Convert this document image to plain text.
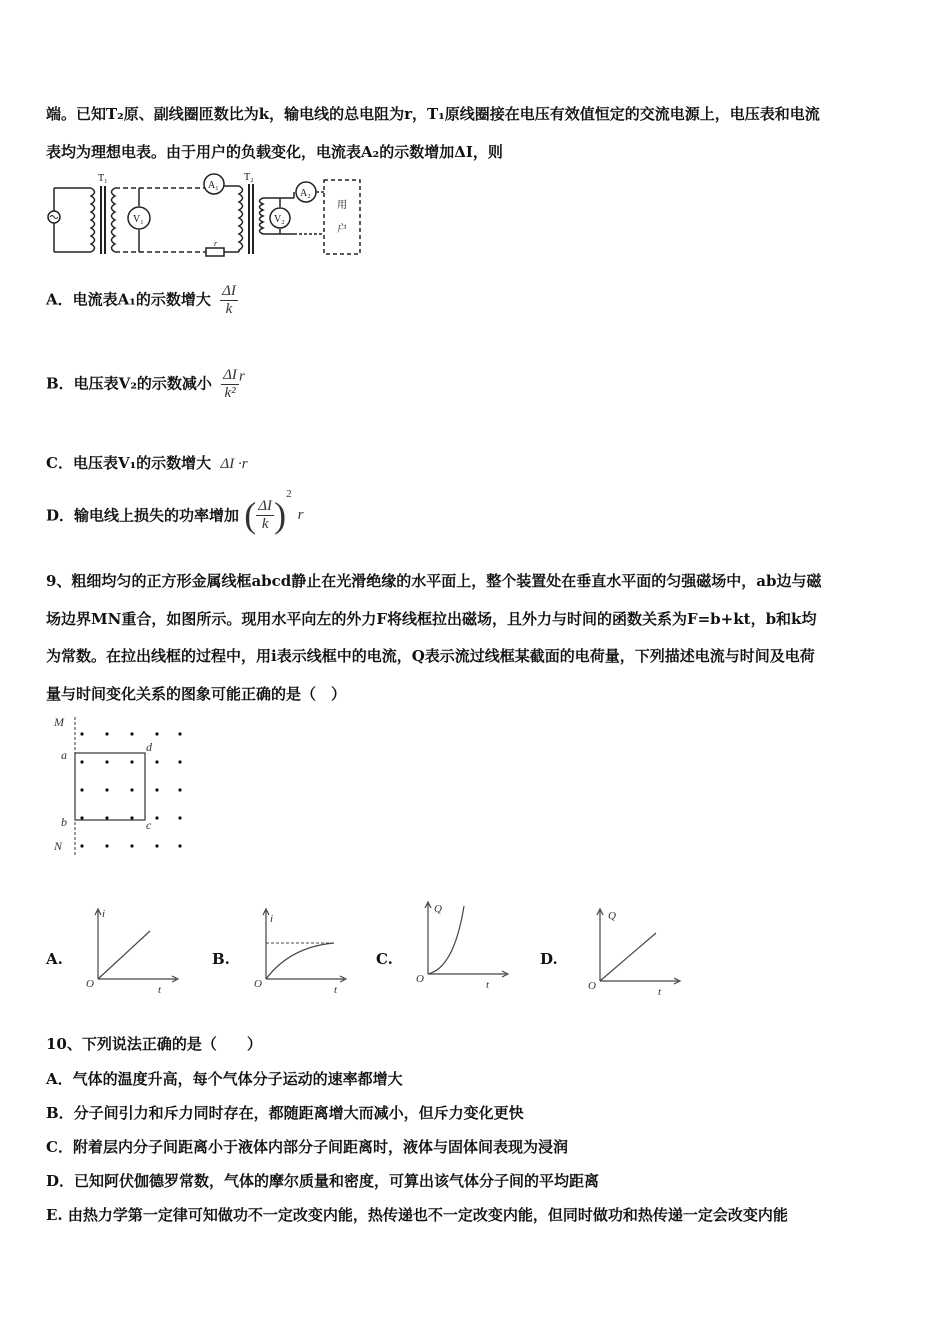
端。已知T₂原、副线圈匝数比为k，输电线的总电阻为r，T₁原线圈接在电压有效值恒定的交流电源上，电压表和电流
表均为理想电表。由于用户的负载变化，电流表A₂的示数增加ΔI，则
T₁	T₂
A₁
A₂
V₁	V₂
r
用
户
A．电流表A₁的示数增大 $\frac{\Delta I}{k}$
B．电压表V₂的示数减小 $\frac{\Delta I}{\text{k²}}$ r
C．电压表V₁的示数增大 ΔI ·r
D．输电线上损失的功率增加 ( $\frac{\Delta I}{k} )^2r$
9、粗细均匀的正方形金属线框abcd静止在光滑绝缘的水平面上，整个装置处在垂直水平面的匀强磁场中，ab边与磁
场边界MN重合，如图所示。现用水平向左的外力F将线框拉出磁场，且外力与时间的函数关系为F=b+kt，b和k均
为常数。在拉出线框的过程中，用i表示线框中的电流，Q表示流过线框某截面的电荷量，下列描述电流与时间及电荷
量与时间变化关系的图象可能正确的是（　）
M
a
b	c
d
N
A.
i
t
O
B.
i
t
O
C.
Q
t
O
D.
Q
t
O
10、下列说法正确的是（　　）
A．气体的温度升高，每个气体分子运动的速率都增大
B．分子间引力和斥力同时存在，都随距离增大而减小，但斥力变化更快
C．附着层内分子间距离小于液体内部分子间距离时，液体与固体间表现为浸润
D．已知阿伏伽德罗常数，气体的摩尔质量和密度，可算出该气体分子间的平均距离
E. 由热力学第一定律可知做功不一定改变内能，热传递也不一定改变内能，但同时做功和热传递一定会改变内能
